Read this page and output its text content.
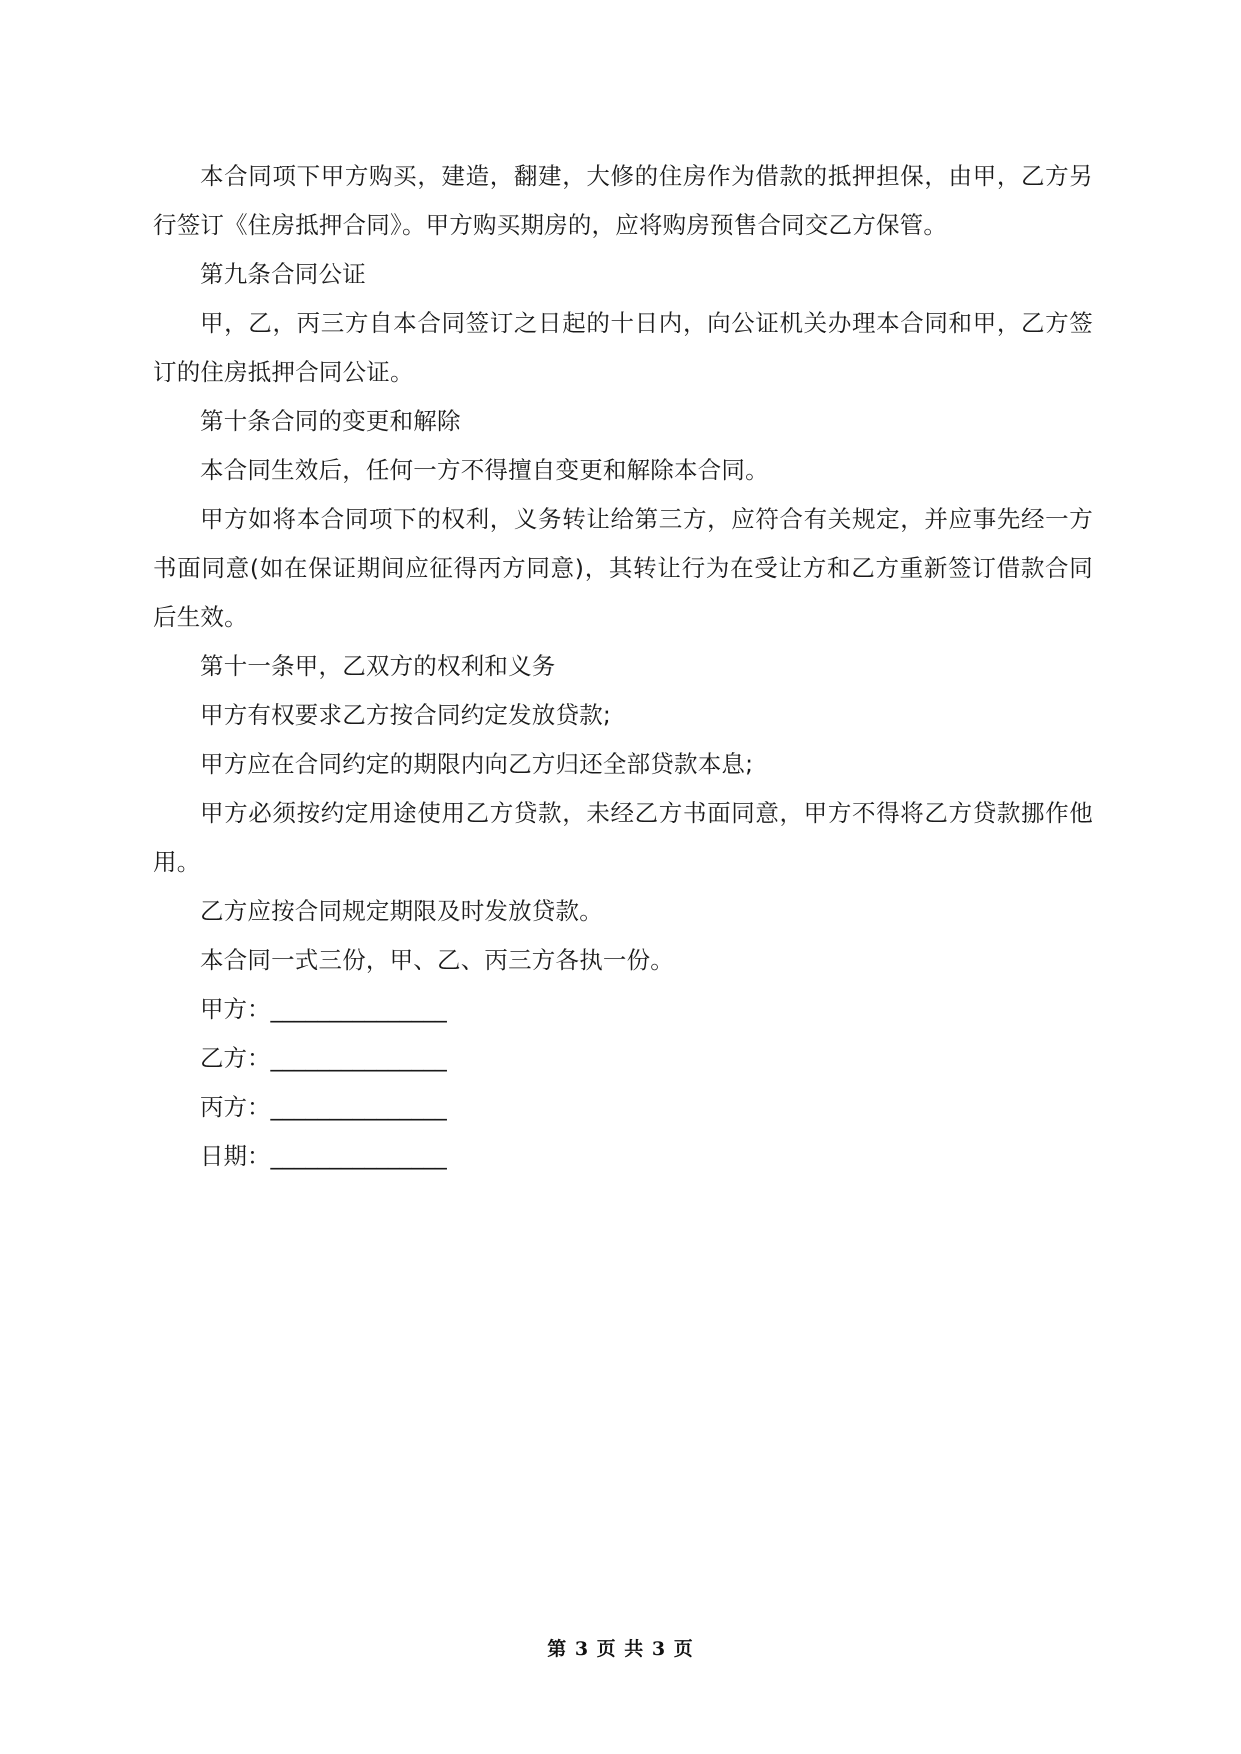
本合同项下甲方购买，建造，翻建，大修的住房作为借款的抵押担保，由甲，乙方另行签订《住房抵押合同》。甲方购买期房的，应将购房预售合同交乙方保管。

第九条合同公证

甲，乙，丙三方自本合同签订之日起的十日内，向公证机关办理本合同和甲，乙方签订的住房抵押合同公证。

第十条合同的变更和解除

本合同生效后，任何一方不得擅自变更和解除本合同。

甲方如将本合同项下的权利，义务转让给第三方，应符合有关规定，并应事先经一方书面同意(如在保证期间应征得丙方同意)，其转让行为在受让方和乙方重新签订借款合同后生效。

第十一条甲，乙双方的权利和义务

甲方有权要求乙方按合同约定发放贷款;

甲方应在合同约定的期限内向乙方归还全部贷款本息;

甲方必须按约定用途使用乙方贷款，未经乙方书面同意，甲方不得将乙方贷款挪作他用。

乙方应按合同规定期限及时发放贷款。

本合同一式三份，甲、乙、丙三方各执一份。

甲方：_______________
乙方：_______________
丙方：_______________
日期：_______________
第 3 页 共 3 页
